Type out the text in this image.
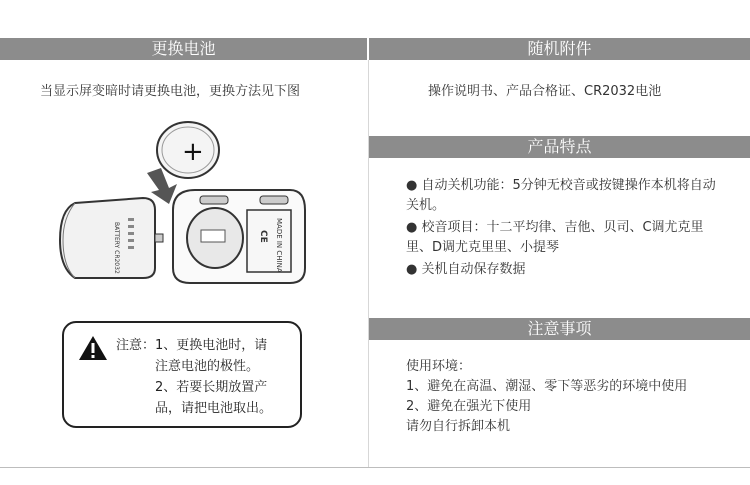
更换电池
当显示屏变暗时请更换电池，更换方法见下图
+
BATTERY CR2032	MADE IN CHINA
CE

注意：1、更换电池时，请

注意电池的极性。

2、若要长期放置产

品，请把电池取出。

随机附件
操作说明书、产品合格证、CR2032电池
产品特点

● 自动关机功能：5分钟无校音或按键操作本机将自动关机。

● 校音项目：十二平均律、吉他、贝司、C调尤克里里、D调尤克里里、小提琴

● 关机自动保存数据

注意事项

使用环境：

1、避免在高温、潮湿、零下等恶劣的环境中使用

2、避免在强光下使用

请勿自行拆卸本机
